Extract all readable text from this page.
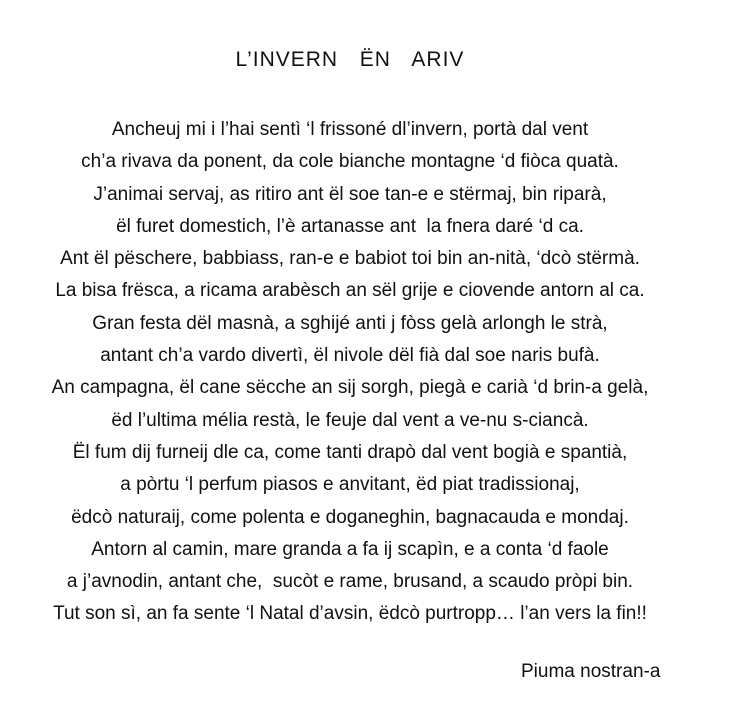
L’INVERN  ËN  ARIV
Ancheuj mi i l’hai sentì ‘l frissoné dl’invern, portà dal vent
ch’a rivava da ponent, da cole bianche montagne ‘d fiòca quatà.
J’animai servaj, as ritiro ant ël soe tan-e e stërmaj, bin riparà,
ël furet domestich, l’è artanasse ant  la fnera daré ‘d ca.
Ant ël pëschere, babbiass, ran-e e babiot toi bin an-nità, ‘dcò stërmà.
La bisa frësca, a ricama arabèsch an sël grije e ciovende antorn al ca.
Gran festa dël masnà, a sghijé anti j fòss gelà arlongh le strà,
antant ch’a vardo divertì, ël nivole dël fià dal soe naris bufà.
An campagna, ël cane sëcche an sij sorgh, piegà e carià ‘d brin-a gelà,
ëd l’ultima mélia restà, le feuje dal vent a ve-nu s-ciancà.
Ël fum dij furneij dle ca, come tanti drapò dal vent bogià e spantià,
a pòrtu ‘l perfum piasos e anvitant, ëd piat tradissionaj,
ëdcò naturaij, come polenta e doganeghin, bagnacauda e mondaj.
Antorn al camin, mare granda a fa ij scapìn, e a conta ‘d faole
a j’avnodin, antant che,  sucòt e rame, brusand, a scaudo pròpi bin.
Tut son sì, an fa sente ‘l Natal d’avsin, ëdcò purtropp… l’an vers la fin!!
Piuma nostran-a
